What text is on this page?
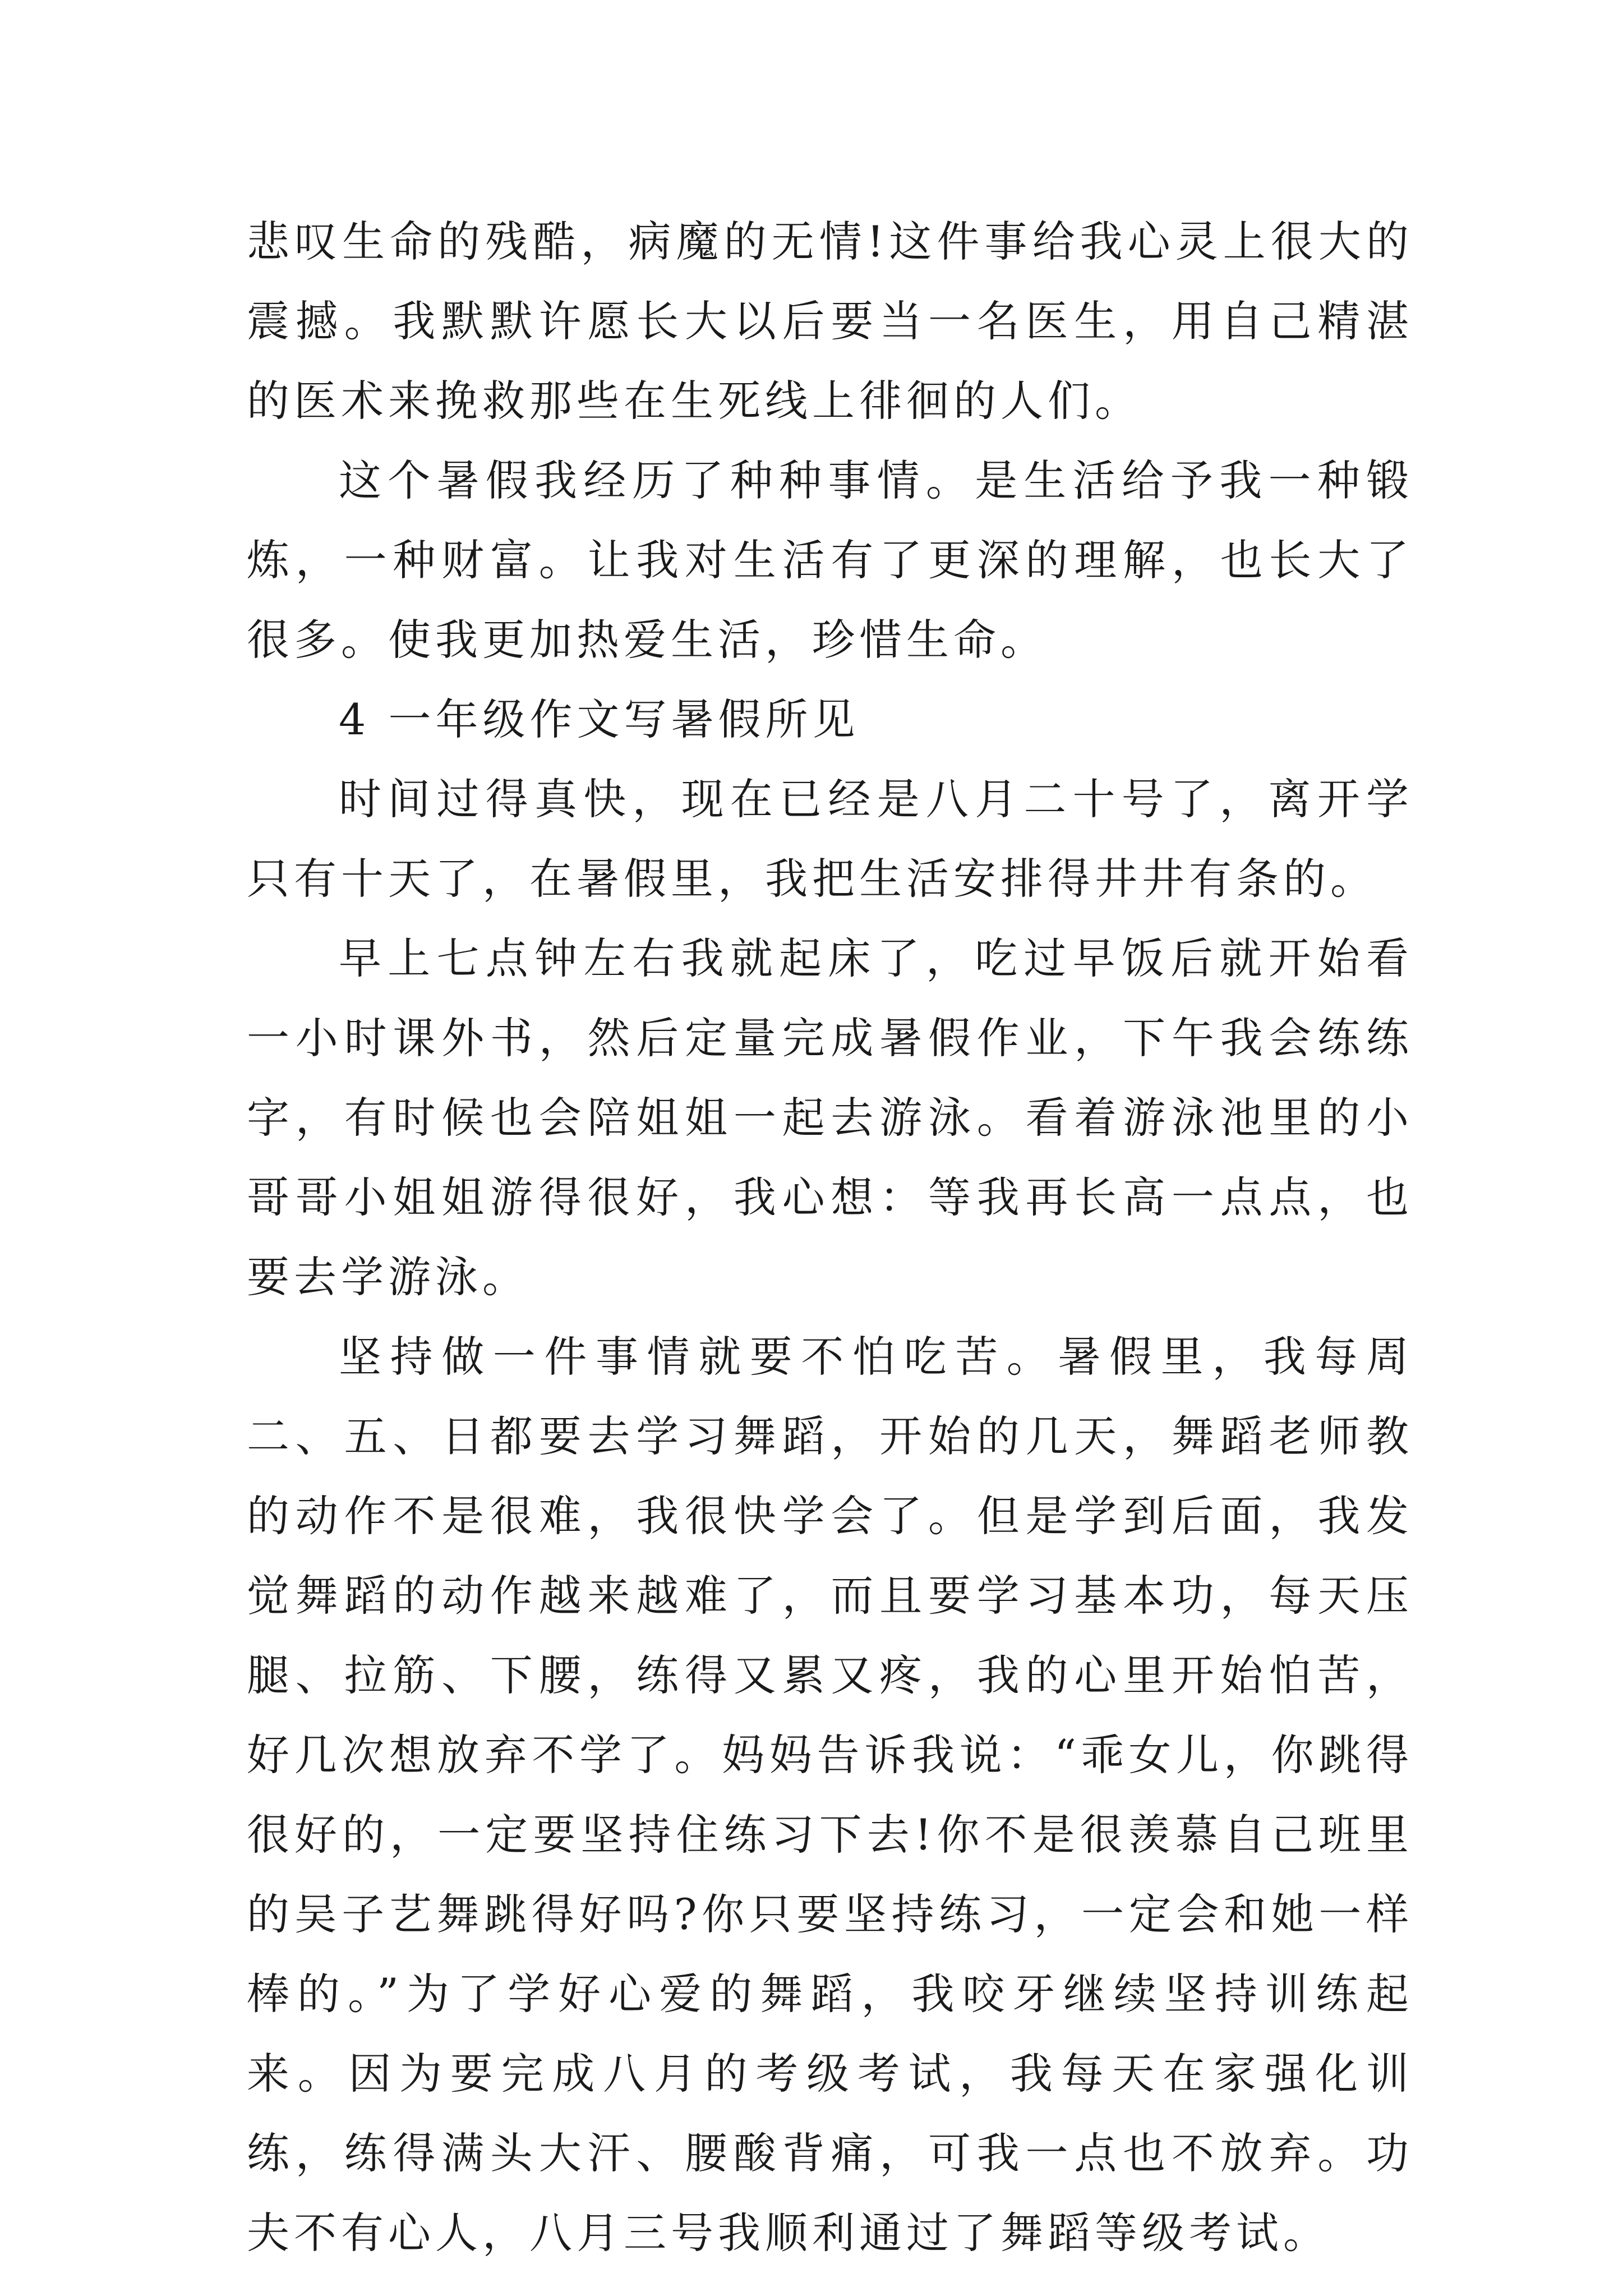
悲叹生命的残酷，病魔的无情!这件事给我心灵上很大的震撼。我默默许愿长大以后要当一名医生，用自己精湛的医术来挽救那些在生死线上徘徊的人们。

这个暑假我经历了种种事情。是生活给予我一种锻炼，一种财富。让我对生活有了更深的理解，也长大了很多。使我更加热爱生活，珍惜生命。

4 一年级作文写暑假所见

时间过得真快，现在已经是八月二十号了，离开学只有十天了，在暑假里，我把生活安排得井井有条的。

早上七点钟左右我就起床了，吃过早饭后就开始看一小时课外书，然后定量完成暑假作业，下午我会练练字，有时候也会陪姐姐一起去游泳。看着游泳池里的小哥哥小姐姐游得很好，我心想：等我再长高一点点，也要去学游泳。

坚持做一件事情就要不怕吃苦。暑假里，我每周二、五、日都要去学习舞蹈，开始的几天，舞蹈老师教的动作不是很难，我很快学会了。但是学到后面，我发觉舞蹈的动作越来越难了，而且要学习基本功，每天压腿、拉筋、下腰，练得又累又疼，我的心里开始怕苦，好几次想放弃不学了。妈妈告诉我说：“乖女儿，你跳得很好的，一定要坚持住练习下去!你不是很羡慕自己班里的吴子艺舞跳得好吗?你只要坚持练习，一定会和她一样棒的。”为了学好心爱的舞蹈，我咬牙继续坚持训练起来。因为要完成八月的考级考试，我每天在家强化训练，练得满头大汗、腰酸背痛，可我一点也不放弃。功夫不有心人，八月三号我顺利通过了舞蹈等级考试。
